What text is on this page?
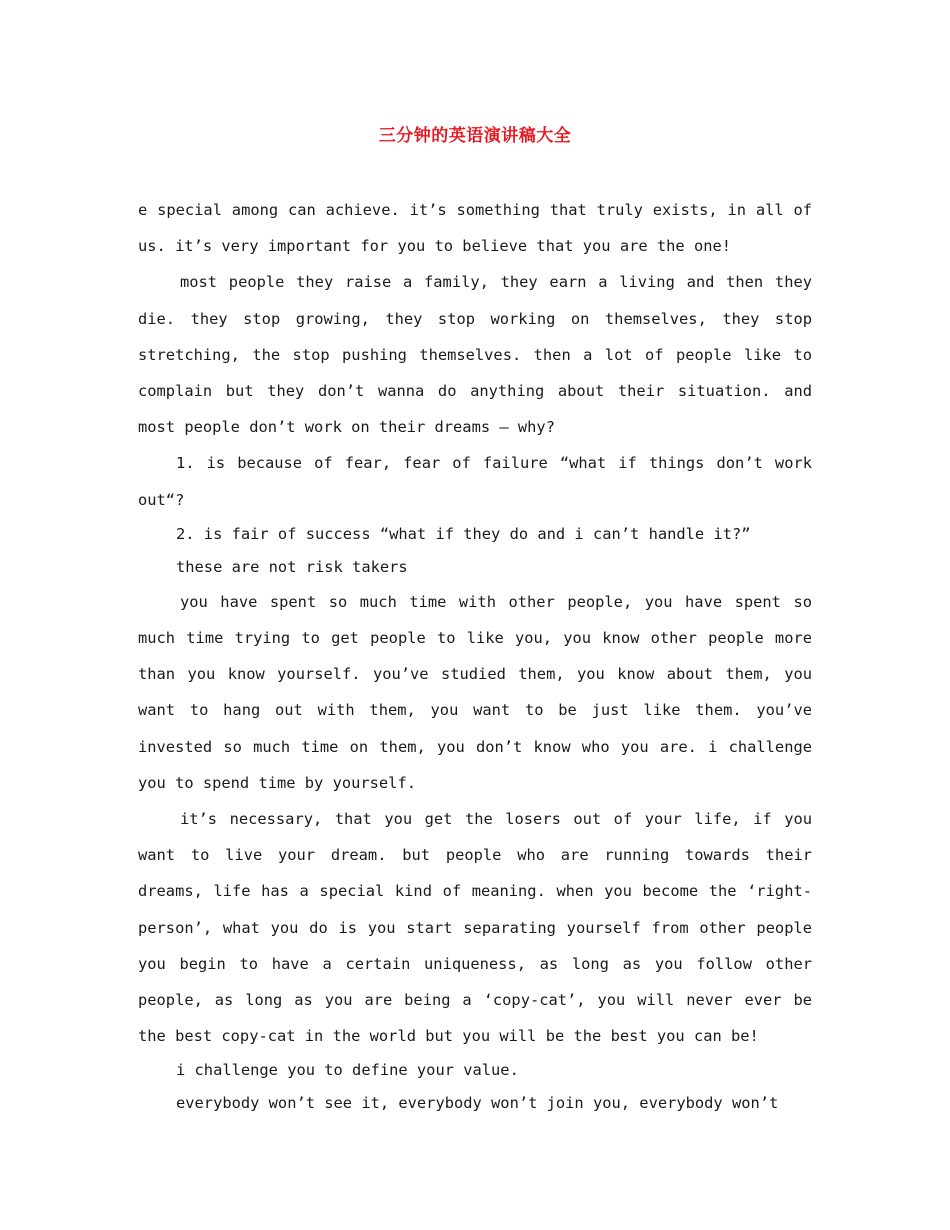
三分钟的英语演讲稿大全

e special among can achieve. it’s something that truly exists, in all of us. it’s very important for you to believe that you are the one!

most people they raise a family, they earn a living and then they die. they stop growing, they stop working on themselves, they stop stretching, the stop pushing themselves. then a lot of people like to complain but they don’t wanna do anything about their situation. and most people don’t work on their dreams – why?

1. is because of fear, fear of failure “what if things don’t work out“?

2. is fair of success “what if they do and i can’t handle it?”

these are not risk takers

you have spent so much time with other people, you have spent so much time trying to get people to like you, you know other people more than you know yourself. you’ve studied them, you know about them, you want to hang out with them, you want to be just like them. you’ve invested so much time on them, you don’t know who you are. i challenge you to spend time by yourself.

it’s necessary, that you get the losers out of your life, if you want to live your dream. but people who are running towards their dreams, life has a special kind of meaning. when you become the ‘right-person’, what you do is you start separating yourself from other people you begin to have a certain uniqueness, as long as you follow other people, as long as you are being a ‘copy-cat’, you will never ever be the best copy-cat in the world but you will be the best you can be!

i challenge you to define your value.

everybody won’t see it, everybody won’t join you, everybody won’t
